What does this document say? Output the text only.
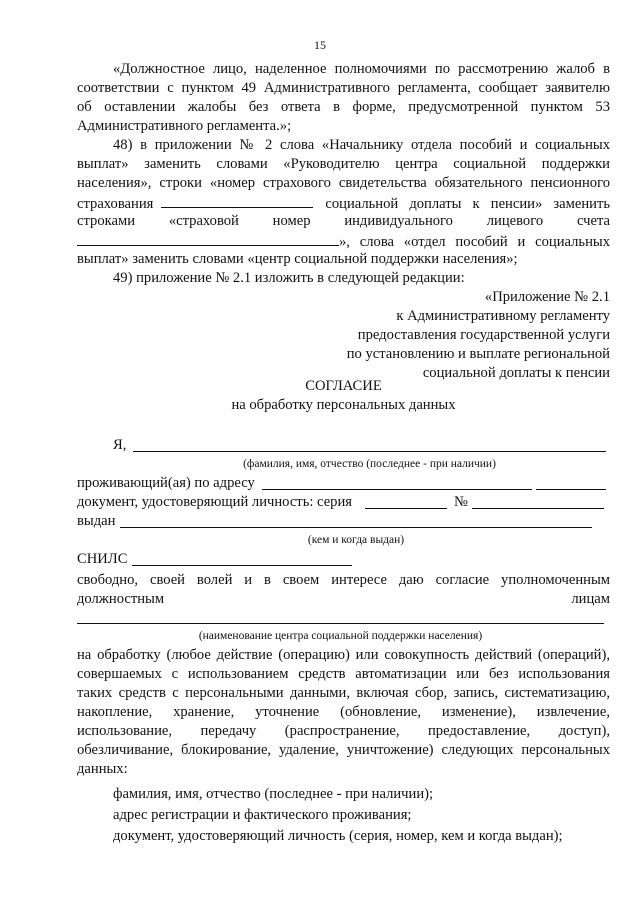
15
«Должностное лицо, наделенное полномочиями по рассмотрению жалоб в
соответствии с пунктом 49 Административного регламента, сообщает заявителю
об оставлении жалобы без ответа в форме, предусмотренной пунктом 53
Административного регламента.»;
48) в приложении № 2 слова «Начальнику отдела пособий и социальных
выплат» заменить словами «Руководителю центра социальной поддержки
населения», строки «номер страхового свидетельства обязательного пенсионного
страхования	социальной доплаты к пенсии» заменить
строками «страховой номер индивидуального лицевого счета
», слова «отдел пособий и социальных
выплат» заменить словами «центр социальной поддержки населения»;
49) приложение № 2.1 изложить в следующей редакции:
«Приложение № 2.1
к Административному регламенту
предоставления государственной услуги
по установлению и выплате региональной
социальной доплаты к пенсии
СОГЛАСИЕ
на обработку персональных данных
Я,
(фамилия, имя, отчество (последнее - при наличии)
проживающий(ая) по адресу
документ, удостоверяющий личность: серия	№
выдан
(кем и когда выдан)
СНИЛС
свободно, своей волей и в своем интересе даю согласие уполномоченным
должностным	лицам
(наименование центра социальной поддержки населения)
на обработку (любое действие (операцию) или совокупность действий (операций),
совершаемых с использованием средств автоматизации или без использования
таких средств с персональными данными, включая сбор, запись, систематизацию,
накопление, хранение, уточнение (обновление, изменение), извлечение,
использование, передачу (распространение, предоставление, доступ),
обезличивание, блокирование, удаление, уничтожение) следующих персональных
данных:
фамилия, имя, отчество (последнее - при наличии);
адрес регистрации и фактического проживания;
документ, удостоверяющий личность (серия, номер, кем и когда выдан);
